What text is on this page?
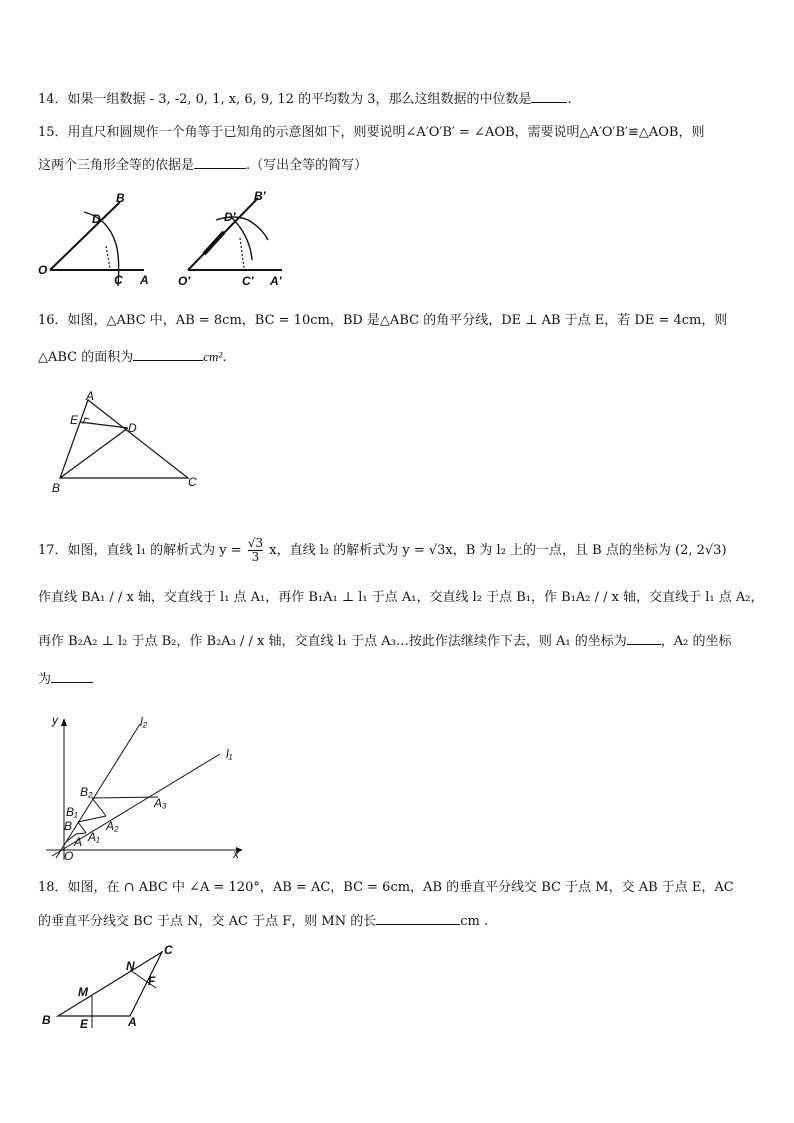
14．如果一组数据 - 3, -2, 0, 1, x, 6, 9, 12 的平均数为 3，那么这组数据的中位数是	.
15．用直尺和圆规作一个角等于已知角的示意图如下，则要说明∠A′O′B′ = ∠AOB，需要说明△A′O′B′≌△AOB，则
这两个三角形全等的依据是	.（写出全等的简写）
B
D
O
C A
B′
D′
O′	C′ A′
16．如图，△ABC 中，AB = 8cm，BC = 10cm，BD 是△ABC 的角平分线，DE ⊥ AB 于点 E，若 DE = 4cm，则
△ABC 的面积为	cm²．
A
E
D
B	C
17．如图，直线 l₁ 的解析式为 $y = \frac{√3}{3}$ x，直线 l₂ 的解析式为 y = √3x，B 为 l₂ 上的一点，且 B 点的坐标为 (2, 2√3)
作直线 BA₁ / / x 轴，交直线于 l₁ 点 A₁，再作 B₁A₁ ⊥ l₁ 于点 A₁，交直线 l₂ 于点 B₁，作 B₁A₂ / / x 轴，交直线于 l₁ 点 A₂，
再作 B₂A₂ ⊥ l₂ 于点 B₂，作 B₂A₃ / / x 轴，交直线 l₁ 于点 A₃…按此作法继续作下去，则 A₁ 的坐标为	，A₂ 的坐标
为
y
x
O
l₁
l₂
B₂
B₁
B
A A₁
A₂
A₃
18．如图，在 ∩ ABC 中 ∠A = 120°，AB = AC，BC = 6cm，AB 的垂直平分线交 BC 于点 M，交 AB 于点 E，AC
的垂直平分线交 BC 于点 N，交 AC 于点 F，则 MN 的长	cm .
C
N
F
M
B E	A
